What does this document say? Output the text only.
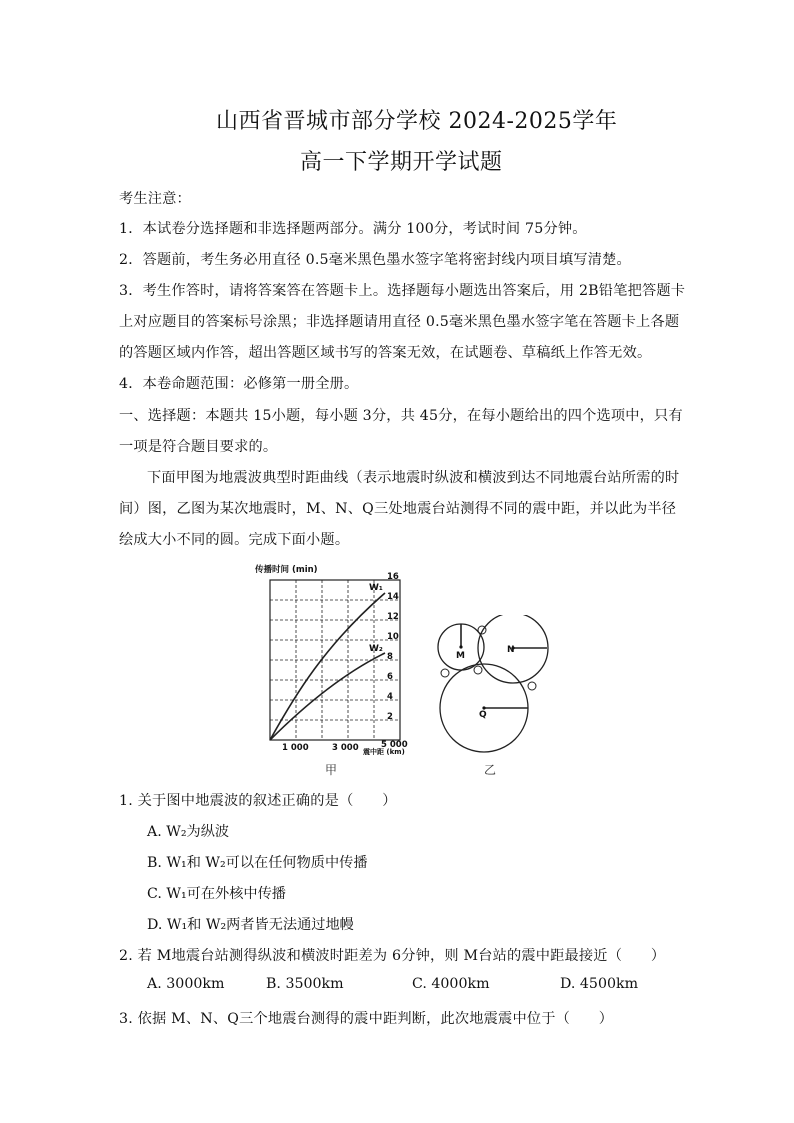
山西省晋城市部分学校 2024-2025学年
高一下学期开学试题
考生注意：
1．本试卷分选择题和非选择题两部分。满分 100分，考试时间 75分钟。
2．答题前，考生务必用直径 0.5毫米黑色墨水签字笔将密封线内项目填写清楚。
3．考生作答时，请将答案答在答题卡上。选择题每小题选出答案后，用 2B铅笔把答题卡
上对应题目的答案标号涂黑；非选择题请用直径 0.5毫米黑色墨水签字笔在答题卡上各题
的答题区域内作答，超出答题区域书写的答案无效，在试题卷、草稿纸上作答无效。
4．本卷命题范围：必修第一册全册。
一、选择题：本题共 15小题，每小题 3分，共 45分，在每小题给出的四个选项中，只有
一项是符合题目要求的。
下面甲图为地震波典型时距曲线（表示地震时纵波和横波到达不同地震台站所需的时
间）图，乙图为某次地震时，M、N、Q三处地震台站测得不同的震中距，并以此为半径
绘成大小不同的圆。完成下面小题。
传播时间 (min)
W₁
W₂
2
4
6
8
10
12
14
16
1 000	3 000	5 000
震中距 (km)
甲
M
N
Q
乙
1. 关于图中地震波的叙述正确的是（　　）
A. W₂为纵波
B. W₁和 W₂可以在任何物质中传播
C. W₁可在外核中传播
D. W₁和 W₂两者皆无法通过地幔
2. 若 M地震台站测得纵波和横波时距差为 6分钟，则 M台站的震中距最接近（　　）
A. 3000km	B. 3500km	C. 4000km	D. 4500km
3. 依据 M、N、Q三个地震台测得的震中距判断，此次地震震中位于（　　）
